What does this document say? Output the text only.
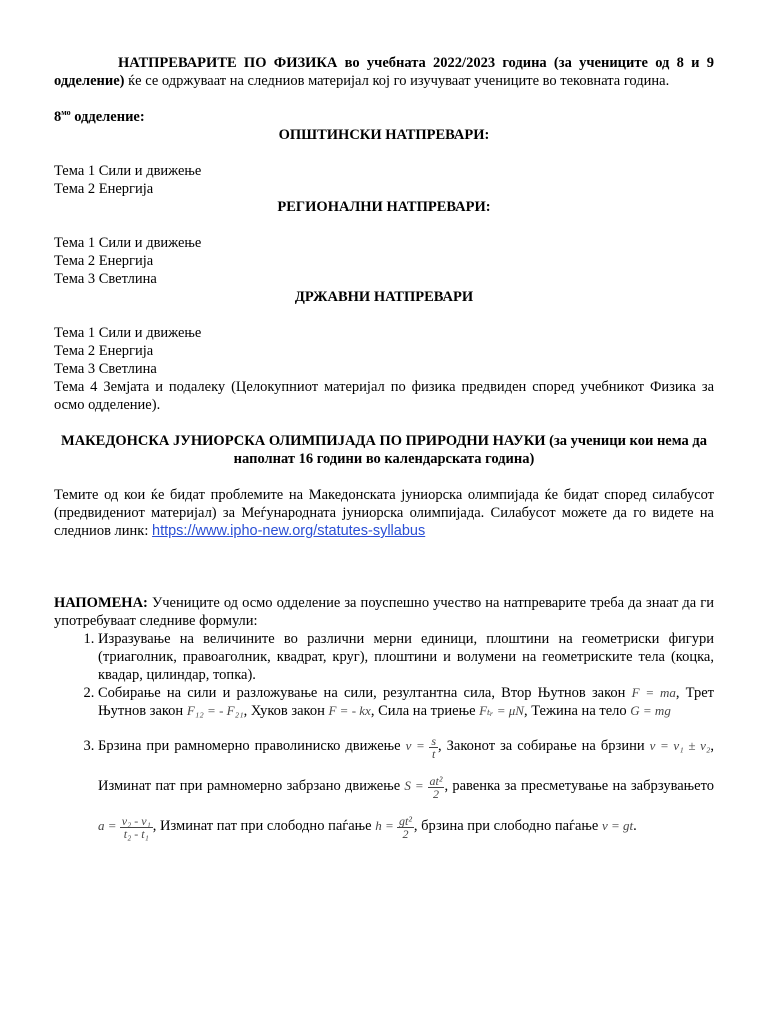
НАТПРЕВАРИТЕ ПО ФИЗИКА во учебната 2022/2023 година (за учениците од 8 и 9 одделение) ќе се одржуваат на следниов материјал кој го изучуваат учениците во тековната година.

$8^{мо}$ одделение:

ОПШТИНСКИ НАТПРЕВАРИ:

Тема 1 Сили и движење

Тема 2 Енергија

РЕГИОНАЛНИ НАТПРЕВАРИ:

Тема 1 Сили и движење

Тема 2 Енергија

Тема 3 Светлина

ДРЖАВНИ НАТПРЕВАРИ

Тема 1 Сили и движење

Тема 2 Енергија

Тема 3 Светлина

Тема 4 Земјата и подалеку (Целокупниот материјал по физика предвиден според учебникот Физика за осмо одделение).

МАКЕДОНСКА ЈУНИОРСКА ОЛИМПИЈАДА ПО ПРИРОДНИ НАУКИ (за ученици кои нема да наполнат 16 години во календарската година)

Темите од кои ќе бидат проблемите на Македонската јуниорска олимпијада ќе бидат според силабусот (предвидениот материјал) за Меѓународната јуниорска олимпијада. Силабусот можете да го видете на следниов линк: https://www.ipho-new.org/statutes-syllabus

НАПОМЕНА: Учениците од осмо одделение за поуспешно учество на натпреварите треба да знаат да ги употребуваат следниве формули:

1. Изразување на величините во различни мерни единици, плоштини на геометриски фигури (триаголник, правоаголник, квадрат, круг), плоштини и волумени на геометриските тела (коцка, квадар, цилиндар, топка).
2. Собирање на сили и разложување на сили, резултантна сила, Втор Њутнов закон F = ma, Трет Њутнов закон F₁₂ = - F₂₁, Хуков закон F = - kx, Сила на триење Fₜᵣ = μN, Тежина на тело G = mg
3. Брзина при рамномерно праволиниско движење $v = \frac{s}{t}$ , Законот за собирање на брзини v = v₁ ± v₂, Изминат пат при рамномерно забрзано движење $S = \frac{\text{at²}}{2}$ , равенка за пресметување на забрзувањето $a = \frac{\text{v₂ - v₁}}{\text{t₂ - t₁}}$ , Изминат пат при слободно паѓање $h = \frac{\text{gt²}}{2}$ , брзина при слободно паѓање v = gt.
